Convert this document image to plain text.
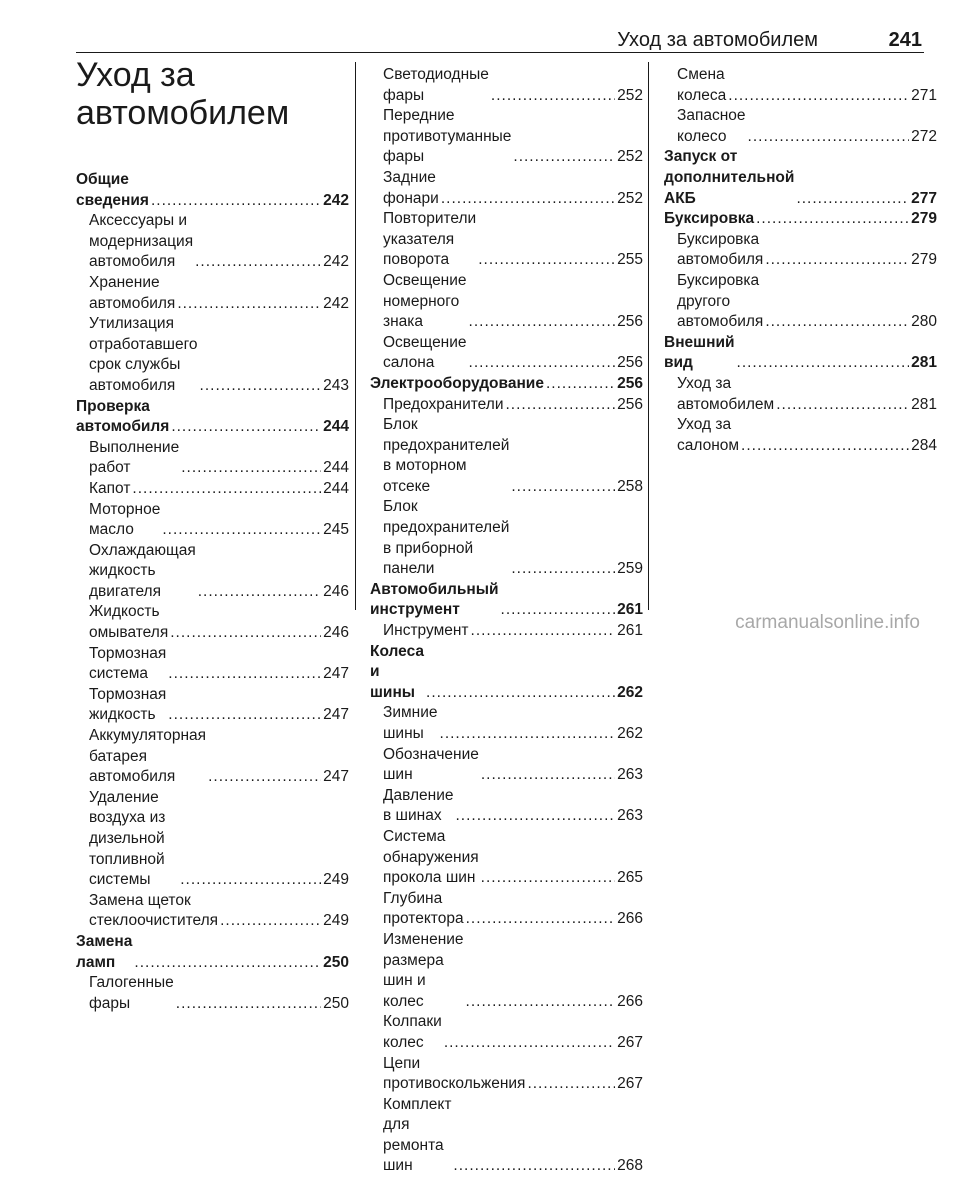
Уход за автомобилем	241
Уход за автомобилем
Общие сведения .....	242
Аксессуары и модернизация автомобиля .....	242
Хранение автомобиля .....	242
Утилизация отработавшего срок службы автомобиля .....	243
Проверка автомобиля .....	244
Выполнение работ .....	244
Капот .....	244
Моторное масло .....	245
Охлаждающая жидкость двигателя .....	246
Жидкость омывателя .....	246
Тормозная система .....	247
Тормозная жидкость .....	247
Аккумуляторная батарея автомобиля .....	247
Удаление воздуха из дизельной топливной системы .....	249
Замена щеток стеклоочистителя .....	249
Замена ламп .....	250
Галогенные фары .....	250
Светодиодные фары .....	252
Передние противотуманные фары .....	252
Задние фонари .....	252
Повторители указателя поворота .....	255
Освещение номерного знака .....	256
Освещение салона .....	256
Электрооборудование .....	256
Предохранители .....	256
Блок предохранителей в моторном отсеке .....	258
Блок предохранителей в приборной панели .....	259
Автомобильный инструмент .....	261
Инструмент .....	261
Колеса и шины .....	262
Зимние шины .....	262
Обозначение шин .....	263
Давление в шинах .....	263
Система обнаружения прокола шин .....	265
Глубина протектора .....	266
Изменение размера шин и колес .....	266
Колпаки колес .....	267
Цепи противоскольжения .....	267
Комплект для ремонта шин .....	268
Смена колеса .....	271
Запасное колесо .....	272
Запуск от дополнительной АКБ .....	277
Буксировка .....	279
Буксировка автомобиля .....	279
Буксировка другого автомобиля .....	280
Внешний вид .....	281
Уход за автомобилем .....	281
Уход за салоном .....	284
carmanualsonline.info
